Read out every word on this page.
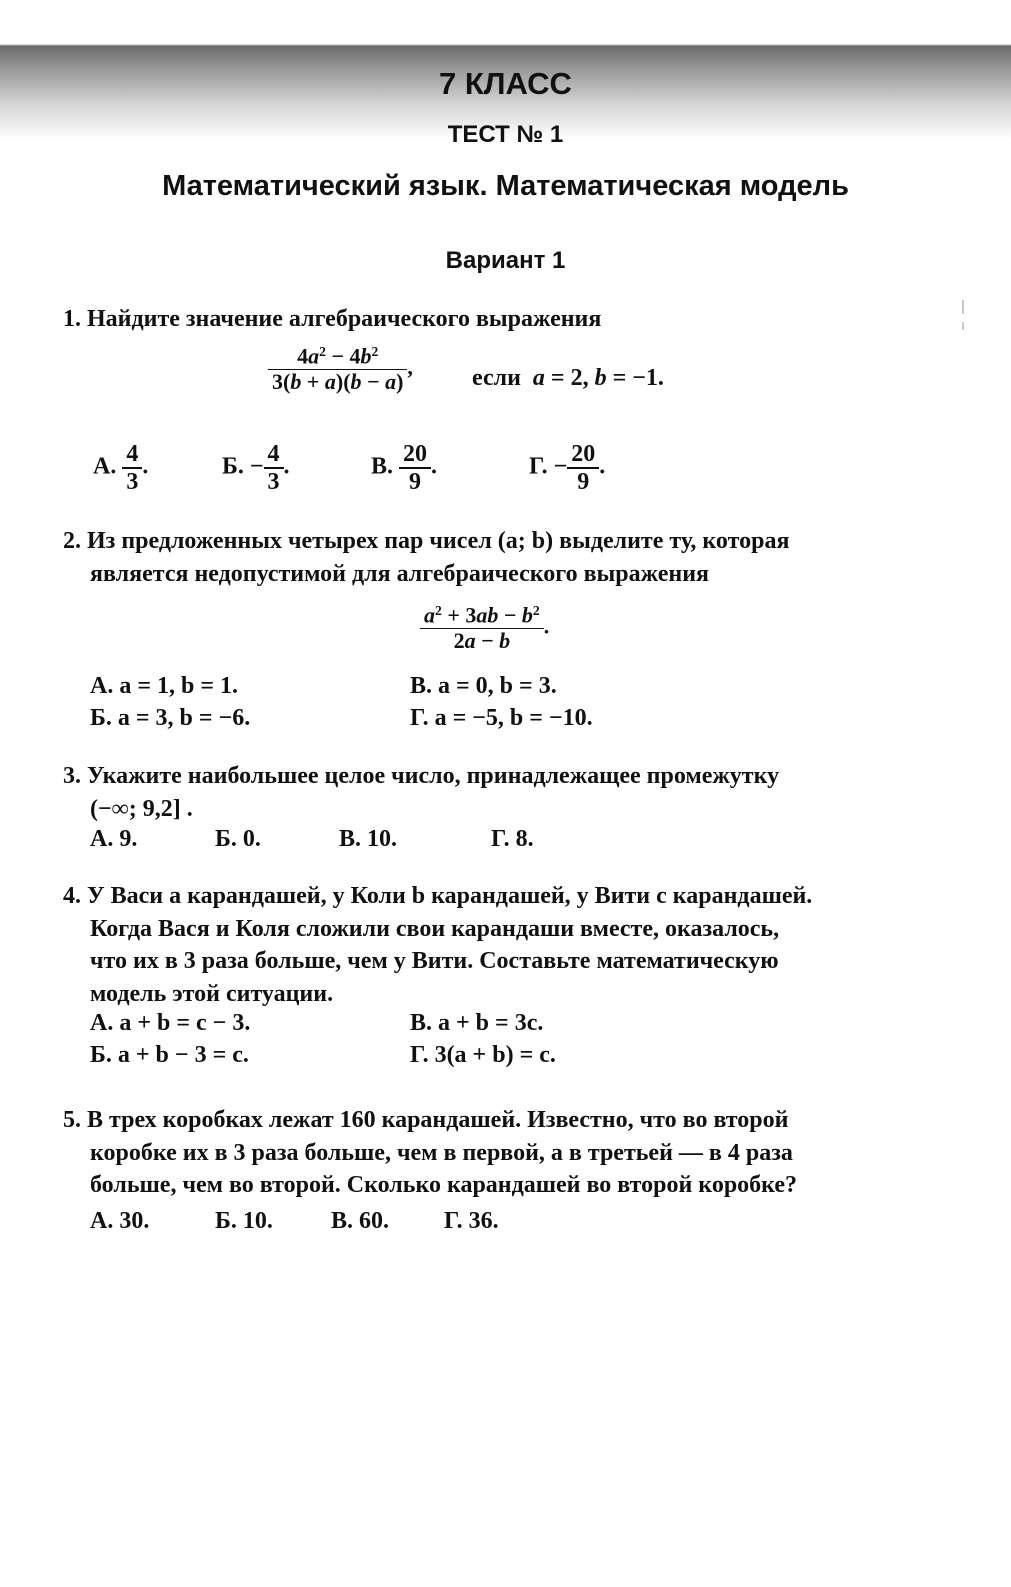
7 КЛАСС
ТЕСТ № 1
Математический язык. Математическая модель
Вариант 1
1. Найдите значение алгебраического выражения
$\frac{4a^2 - 4b^2}{3(b + a)(b - a)}$ , если a = 2, b = −1.
А. $\frac{4}{3}$ .	Б. − $\frac{4}{3}$ .	В. $\frac{20}{9}$ .	Г. − $\frac{20}{9}$ .
2. Из предложенных четырех пар чисел (a; b) выделите ту, которая
является недопустимой для алгебраического выражения
$\frac{a^2 + 3ab - b^2}{2a - b}$ .
А. a = 1, b = 1.
Б. a = 3, b = −6.
В. a = 0, b = 3.
Г. a = −5, b = −10.
3. Укажите наибольшее целое число, принадлежащее промежутку
(−∞; 9,2] .
А. 9.	Б. 0.	В. 10.	Г. 8.
4. У Васи a карандашей, у Коли b карандашей, у Вити c карандашей.
Когда Вася и Коля сложили свои карандаши вместе, оказалось,
что их в 3 раза больше, чем у Вити. Составьте математическую
модель этой ситуации.
А. a + b = c − 3.
Б. a + b − 3 = c.
В. a + b = 3c.
Г. 3(a + b) = c.
5. В трех коробках лежат 160 карандашей. Известно, что во второй
коробке их в 3 раза больше, чем в первой, а в третьей — в 4 раза
больше, чем во второй. Сколько карандашей во второй коробке?
А. 30.	Б. 10. В. 60. Г. 36.
